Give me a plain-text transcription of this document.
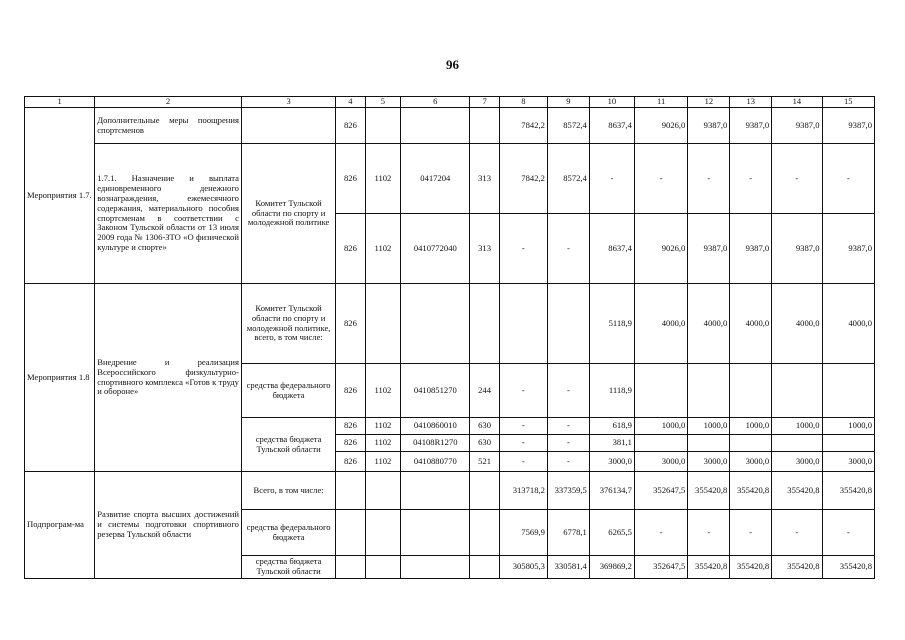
96
1	2	3	4	5	6	7	8	9	10	11	12	13	14	15
Мероприятия 1.7.	Дополнительные меры поощрения спортсменов		826				7842,2	8572,4	8637,4	9026,0	9387,0	9387,0	9387,0	9387,0
	1.7.1. Назначение и выплата единовременного денежного вознаграждения, ежемесячного содержания, материального пособия спортсменам в соответствии с Законом Тульской области от 13 июля 2009 года № 1306-ЗТО «О физической культуре и спорте»	Комитет Тульской области по спорту и молодежной политике	826	1102	0417204	313	7842,2	8572,4	-	-	-	-	-	-
			826	1102	0410772040	313	-	-	8637,4	9026,0	9387,0	9387,0	9387,0	9387,0
Мероприятия 1.8	Внедрение и реализация Всероссийского физкультурно-спортивного комплекса «Готов к труду и обороне»	Комитет Тульской области по спорту и молодежной политике, всего, в том числе:	826						5118,9	4000,0	4000,0	4000,0	4000,0	4000,0
		средства федерального бюджета	826	1102	0410851270	244	-	-	1118,9					
		средства бюджета Тульской области	826	1102	0410860010	630	-	-	618,9	1000,0	1000,0	1000,0	1000,0	1000,0
			826	1102	04108R1270	630	-	-	381,1					
			826	1102	0410880770	521	-	-	3000,0	3000,0	3000,0	3000,0	3000,0	3000,0
Подпрограм-ма	Развитие спорта высших достижений и системы подготовки спортивного резерва Тульской области	Всего, в том числе:					313718,2	337359,5	376134,7	352647,5	355420,8	355420,8	355420,8	355420,8
		средства федерального бюджета					7569,9	6778,1	6265,5	-	-	-	-	-
		средства бюджета Тульской области					305805,3	330581,4	369869,2	352647,5	355420,8	355420,8	355420,8	355420,8
